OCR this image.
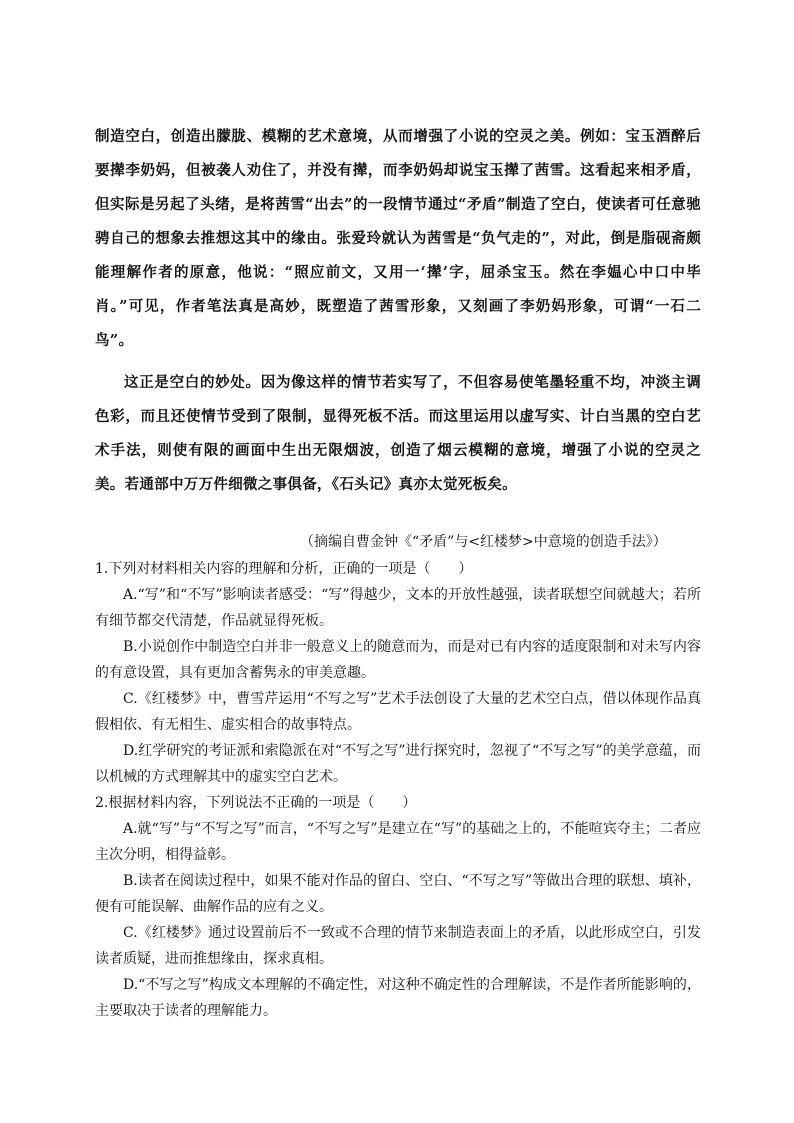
制造空白，创造出朦胧、模糊的艺术意境，从而增强了小说的空灵之美。例如：宝玉酒醉后要撵李奶妈，但被袭人劝住了，并没有撵，而李奶妈却说宝玉撵了茜雪。这看起来相矛盾，但实际是另起了头绪，是将茜雪“出去”的一段情节通过“矛盾”制造了空白，使读者可任意驰骋自己的想象去推想这其中的缘由。张爱玲就认为茜雪是“负气走的”，对此，倒是脂砚斋颇能理解作者的原意，他说：“照应前文，又用一‘撵’字，屈杀宝玉。然在李媪心中口中毕肖。”可见，作者笔法真是高妙，既塑造了茜雪形象，又刻画了李奶妈形象，可谓“一石二鸟”。

这正是空白的妙处。因为像这样的情节若实写了，不但容易使笔墨轻重不均，冲淡主调色彩，而且还使情节受到了限制，显得死板不活。而这里运用以虚写实、计白当黑的空白艺术手法，则使有限的画面中生出无限烟波，创造了烟云模糊的意境，增强了小说的空灵之美。若通部中万万件细微之事俱备，《石头记》真亦太觉死板矣。

（摘编自曹金钟《“矛盾”与<红楼梦>中意境的创造手法》）

1.下列对材料相关内容的理解和分析，正确的一项是（　　）

A.“写”和“不写”影响读者感受：“写”得越少，文本的开放性越强，读者联想空间就越大；若所有细节都交代清楚，作品就显得死板。

B.小说创作中制造空白并非一般意义上的随意而为，而是对已有内容的适度限制和对未写内容的有意设置，具有更加含蓄隽永的审美意趣。

C.《红楼梦》中，曹雪芹运用“不写之写”艺术手法创设了大量的艺术空白点，借以体现作品真假相依、有无相生、虚实相合的故事特点。

D.红学研究的考证派和索隐派在对“不写之写”进行探究时，忽视了“不写之写”的美学意蕴，而以机械的方式理解其中的虚实空白艺术。

2.根据材料内容，下列说法不正确的一项是（　　）

A.就“写”与“不写之写”而言，“不写之写”是建立在“写”的基础之上的，不能喧宾夺主；二者应主次分明，相得益彰。

B.读者在阅读过程中，如果不能对作品的留白、空白、“不写之写”等做出合理的联想、填补，便有可能误解、曲解作品的应有之义。

C.《红楼梦》通过设置前后不一致或不合理的情节来制造表面上的矛盾，以此形成空白，引发读者质疑，进而推想缘由，探求真相。

D.“不写之写”构成文本理解的不确定性，对这种不确定性的合理解读，不是作者所能影响的，主要取决于读者的理解能力。
